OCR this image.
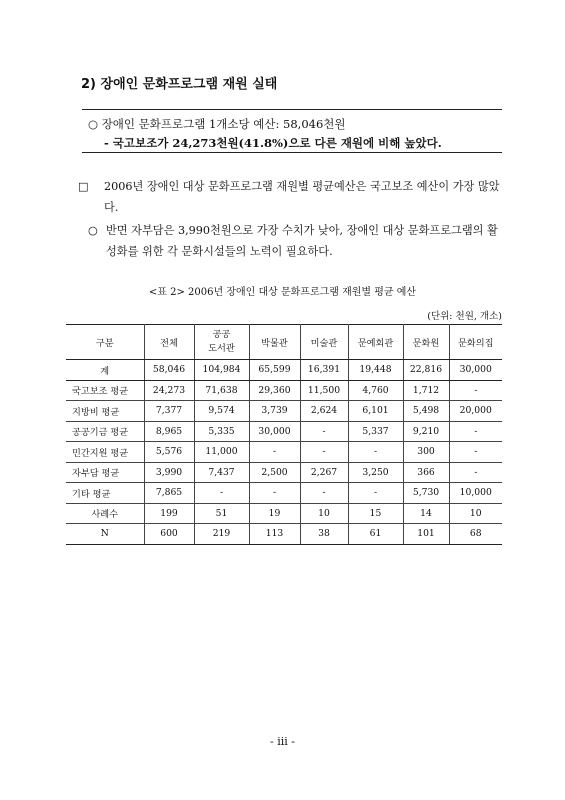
2) 장애인 문화프로그램 재원 실태
○ 장애인 문화프로그램 1개소당 예산: 58,046천원
- 국고보조가 24,273천원(41.8%)으로 다른 재원에 비해 높았다.
□ 2006년 장애인 대상 문화프로그램 재원별 평균예산은 국고보조 예산이 가장 많았다.
○ 반면 자부담은 3,990천원으로 가장 수치가 낮아, 장애인 대상 문화프로그램의 활성화를 위한 각 문화시설들의 노력이 필요하다.
<표 2> 2006년 장애인 대상 문화프로그램 재원별 평균 예산
(단위: 천원, 개소)
구분	전체	공공
도서관	박물관	미술관	문예회관	문화원	문화의집
계	58,046	104,984	65,599	16,391	19,448	22,816	30,000
국고보조 평균	24,273	71,638	29,360	11,500	4,760	1,712	-
지방비 평균	7,377	9,574	3,739	2,624	6,101	5,498	20,000
공공기금 평균	8,965	5,335	30,000	-	5,337	9,210	-
민간지원 평균	5,576	11,000	-	-	-	300	-
자부담 평균	3,990	7,437	2,500	2,267	3,250	366	-
기타 평균	7,865	-	-	-	-	5,730	10,000
사례수	199	51	19	10	15	14	10
N	600	219	113	38	61	101	68
- iii -
